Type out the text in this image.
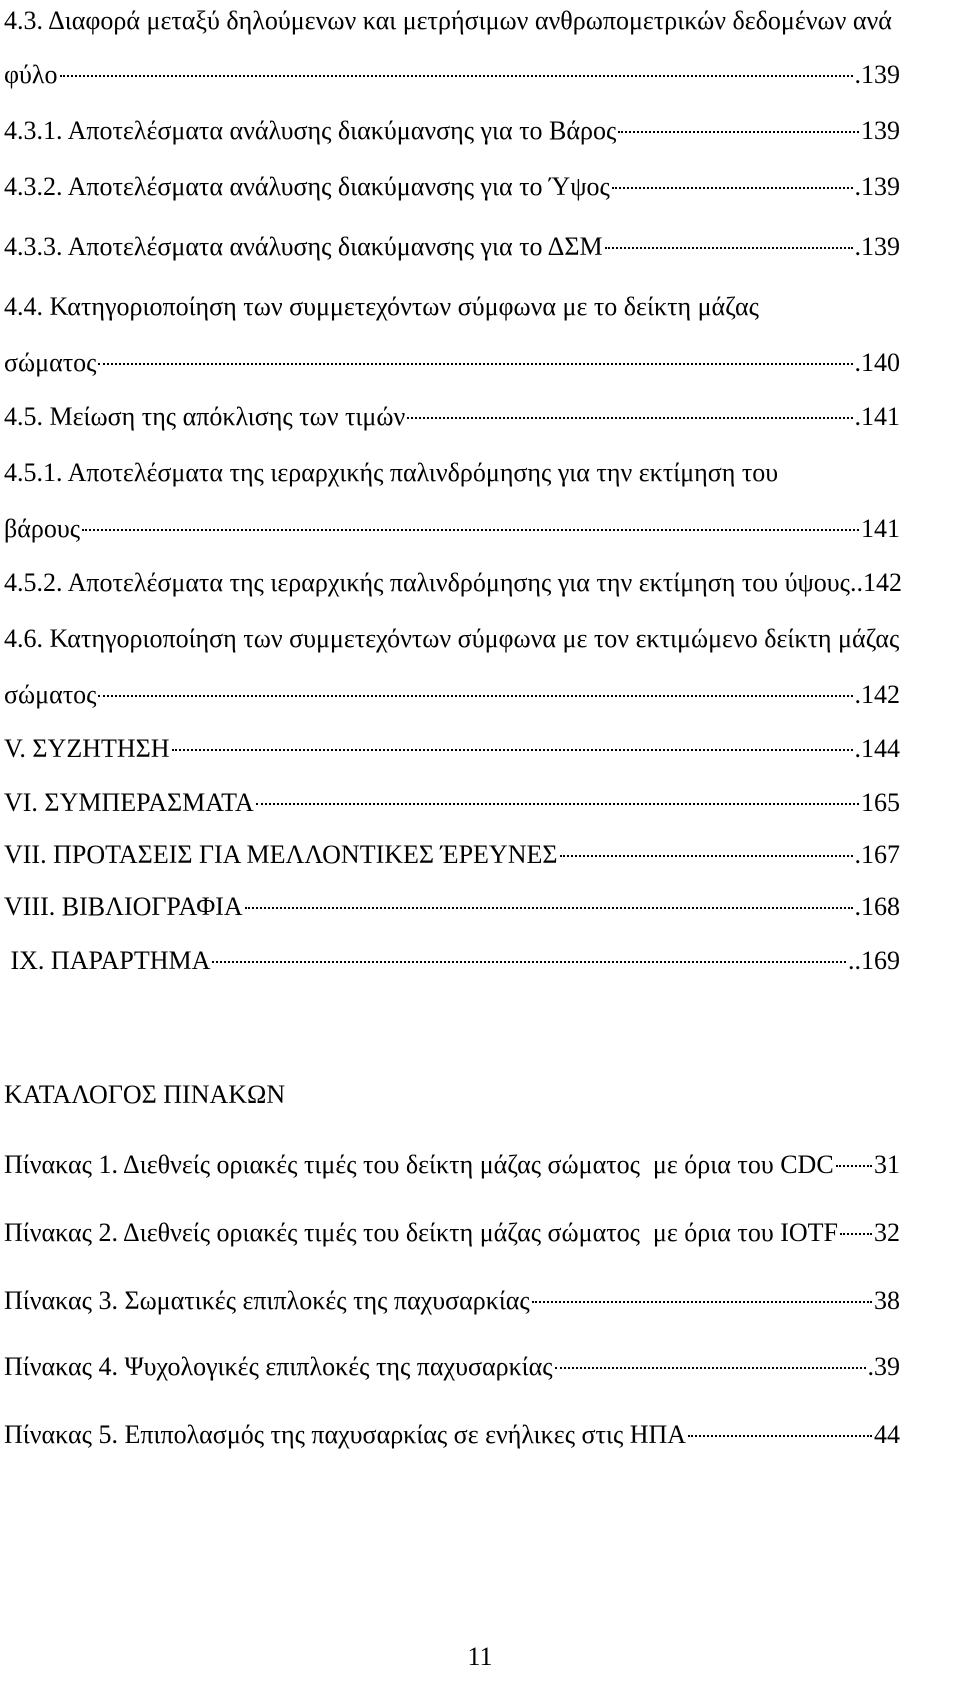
4.3. Διαφορά μεταξύ δηλούμενων και μετρήσιμων ανθρωπομετρικών δεδομένων ανά
φύλο	.139
4.3.1. Αποτελέσματα ανάλυσης διακύμανσης για το Βάρος	139
4.3.2. Αποτελέσματα ανάλυσης διακύμανσης για το Ύψος	.139
4.3.3. Αποτελέσματα ανάλυσης διακύμανσης για το ΔΣΜ	.139
4.4. Κατηγοριοποίηση των συμμετεχόντων σύμφωνα με το δείκτη μάζας
σώματος	.140
4.5. Μείωση της απόκλισης των τιμών	.141
4.5.1. Αποτελέσματα της ιεραρχικής παλινδρόμησης για την εκτίμηση του
βάρους	141
4.5.2. Αποτελέσματα της ιεραρχικής παλινδρόμησης για την εκτίμηση του ύψους ..142
4.6. Κατηγοριοποίηση των συμμετεχόντων σύμφωνα με τον εκτιμώμενο δείκτη μάζας
σώματος	.142
V. ΣΥΖΗΤΗΣΗ	.144
VI. ΣΥΜΠΕΡΑΣΜΑΤΑ	165
VII. ΠΡΟΤΑΣΕΙΣ ΓΙΑ ΜΕΛΛΟΝΤΙΚΕΣ ΈΡΕΥΝΕΣ	.167
VIII. ΒΙΒΛΙΟΓΡΑΦΙΑ	.168
IX. ΠΑΡΑΡΤΗΜΑ	..169
ΚΑΤΑΛΟΓΟΣ ΠΙΝΑΚΩΝ
Πίνακας 1. Διεθνείς οριακές τιμές του δείκτη μάζας σώματος  με όρια του CDC 31
Πίνακας 2. Διεθνείς οριακές τιμές του δείκτη μάζας σώματος  με όρια του IOTF 32
Πίνακας 3. Σωματικές επιπλοκές της παχυσαρκίας	38
Πίνακας 4. Ψυχολογικές επιπλοκές της παχυσαρκίας	.39
Πίνακας 5. Επιπολασμός της παχυσαρκίας σε ενήλικες στις ΗΠΑ	44
11
